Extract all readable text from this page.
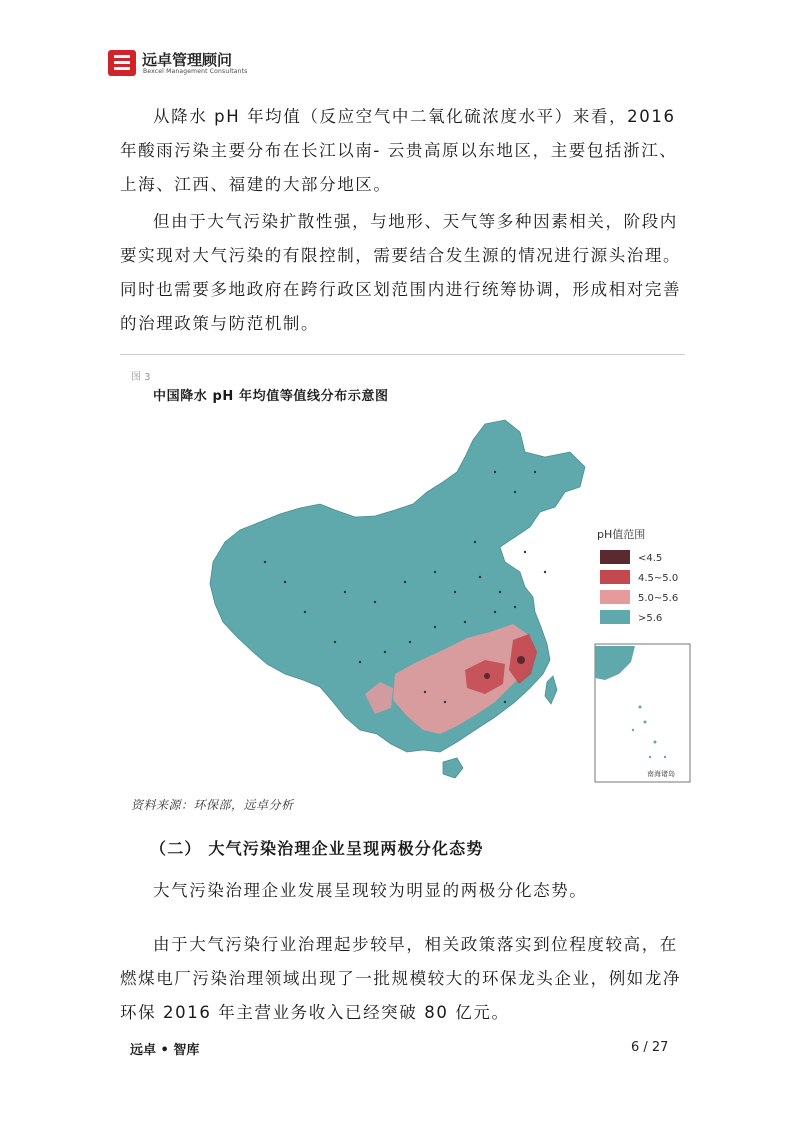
远卓管理顾问
Bexcel Management Consultants

从降水 pH 年均值（反应空气中二氧化硫浓度水平）来看，2016年酸雨污染主要分布在长江以南- 云贵高原以东地区，主要包括浙江、上海、江西、福建的大部分地区。

但由于大气污染扩散性强，与地形、天气等多种因素相关，阶段内要实现对大气污染的有限控制，需要结合发生源的情况进行源头治理。同时也需要多地政府在跨行政区划范围内进行统筹协调，形成相对完善的治理政策与防范机制。

图 3
中国降水 pH 年均值等值线分布示意图
pH值范围
<4.5
4.5~5.0
5.0~5.6
>5.6
南海诸岛
资料来源：环保部，远卓分析
（二） 大气污染治理企业呈现两极分化态势

大气污染治理企业发展呈现较为明显的两极分化态势。

由于大气污染行业治理起步较早，相关政策落实到位程度较高，在燃煤电厂污染治理领域出现了一批规模较大的环保龙头企业，例如龙净环保 2016 年主营业务收入已经突破 80 亿元。

远卓 • 智库	6 / 27
